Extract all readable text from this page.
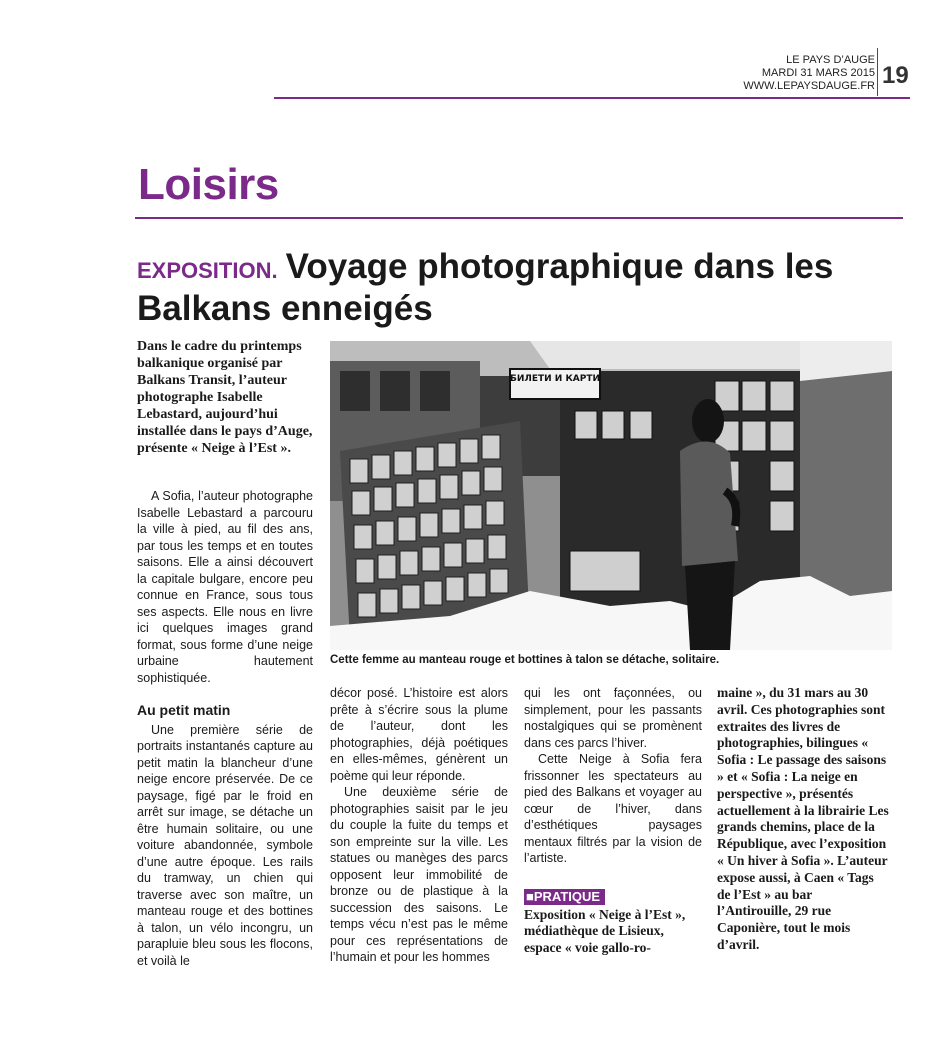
LE PAYS D’AUGE
MARDI 31 MARS 2015
WWW.LEPAYSDAUGE.FR 19
Loisirs
EXPOSITION. Voyage photographique dans les Balkans enneigés

Dans le cadre du printemps balkanique organisé par Balkans Transit, l’auteur photographe Isabelle Lebastard, aujourd’hui installée dans le pays d’Auge, présente « Neige à l’Est ».

A Sofia, l’auteur photographe Isabelle Lebastard a parcouru la ville à pied, au fil des ans, par tous les temps et en toutes saisons. Elle a ainsi découvert la capitale bulgare, encore peu connue en France, sous tous ses aspects. Elle nous en livre ici quelques images grand format, sous forme d’une neige urbaine hautement sophistiquée.

Au petit matin

Une première série de portraits instantanés capture au petit matin la blancheur d’une neige encore préservée. De ce paysage, figé par le froid en arrêt sur image, se détache un être humain solitaire, ou une voiture abandonnée, symbole d’une autre époque. Les rails du tramway, un chien qui traverse avec son maître, un manteau rouge et des bottines à talon, un vélo incongru, un parapluie bleu sous les flocons, et voilà le

décor posé. L’histoire est alors prête à s’écrire sous la plume de l’auteur, dont les photographies, déjà poétiques en elles-mêmes, génèrent un poème qui leur réponde.

Une deuxième série de photographies saisit par le jeu du couple la fuite du temps et son empreinte sur la ville. Les statues ou manèges des parcs opposent leur immobilité de bronze ou de plastique à la succession des saisons. Le temps vécu n’est pas le même pour ces représentations de l’humain et pour les hommes

qui les ont façonnées, ou simplement, pour les passants nostalgiques qui se promènent dans ces parcs l’hiver.

Cette Neige à Sofia fera frissonner les spectateurs au pied des Balkans et voyager au cœur de l’hiver, dans d’esthétiques paysages mentaux filtrés par la vision de l’artiste.

■PRATIQUE
Exposition « Neige à l’Est », médiathèque de Lisieux, espace « voie gallo-ro-

maine », du 31 mars au 30 avril. Ces photographies sont extraites des livres de photographies, bilingues « Sofia : Le passage des saisons » et « Sofia : La neige en perspective », présentés actuellement à la librairie Les grands chemins, place de la République, avec l’exposition « Un hiver à Sofia ». L’auteur expose aussi, à Caen « Tags de l’Est » au bar l’Antirouille, 29 rue Caponière, tout le mois d’avril.

БИЛЕТИ И КАРТИ
Cette femme au manteau rouge et bottines à talon se détache, solitaire.
